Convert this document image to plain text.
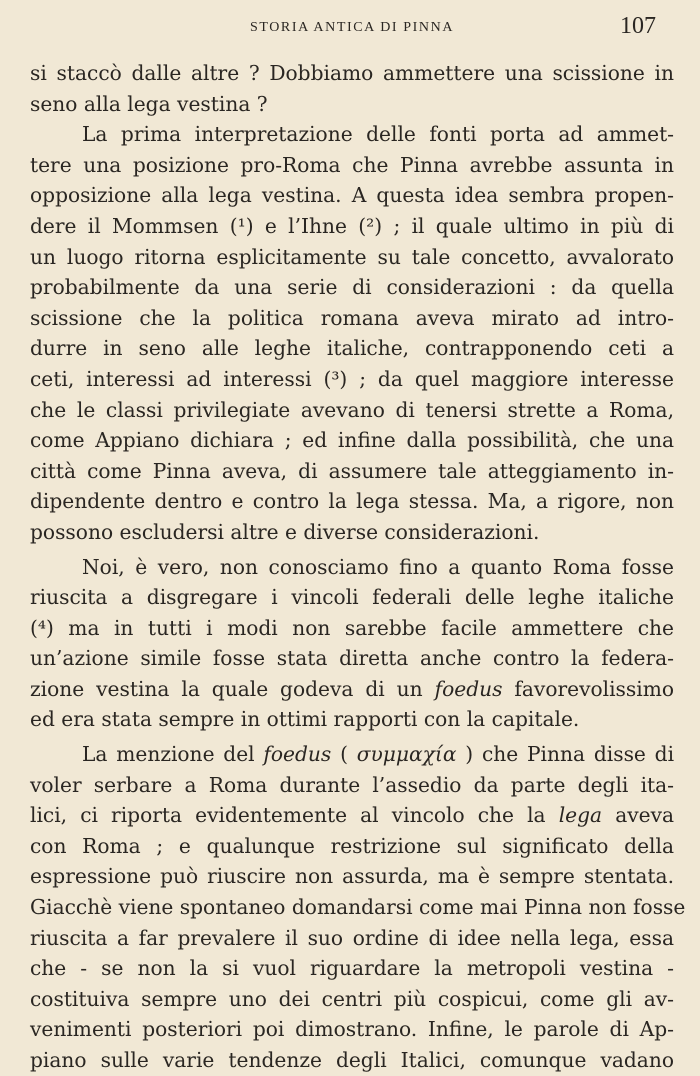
STORIA ANTICA DI PINNA	107
si staccò dalle altre ? Dobbiamo ammettere una scissione in
seno alla lega vestina ?
La prima interpretazione delle fonti porta ad ammet-
tere una posizione pro-Roma che Pinna avrebbe assunta in
opposizione alla lega vestina. A questa idea sembra propen-
dere il Mommsen (¹) e l’Ihne (²) ; il quale ultimo in più di
un luogo ritorna esplicitamente su tale concetto, avvalorato
probabilmente da una serie di considerazioni : da quella
scissione che la politica romana aveva mirato ad intro-
durre in seno alle leghe italiche, contrapponendo ceti a
ceti, interessi ad interessi (³) ; da quel maggiore interesse
che le classi privilegiate avevano di tenersi strette a Roma,
come Appiano dichiara ; ed infine dalla possibilità, che una
città come Pinna aveva, di assumere tale atteggiamento in-
dipendente dentro e contro la lega stessa. Ma, a rigore, non
possono escludersi altre e diverse considerazioni.
Noi, è vero, non conosciamo fino a quanto Roma fosse
riuscita a disgregare i vincoli federali delle leghe italiche
(⁴) ma in tutti i modi non sarebbe facile ammettere che
un’azione simile fosse stata diretta anche contro la federa-
zione vestina la quale godeva di un foedus favorevolissimo
ed era stata sempre in ottimi rapporti con la capitale.
La menzione del foedus ( συμμαχία ) che Pinna disse di
voler serbare a Roma durante l’assedio da parte degli ita-
lici, ci riporta evidentemente al vincolo che la lega aveva
con Roma ; e qualunque restrizione sul significato della
espressione può riuscire non assurda, ma è sempre stentata.
Giacchè viene spontaneo domandarsi come mai Pinna non fosse
riuscita a far prevalere il suo ordine di idee nella lega, essa
che - se non la si vuol riguardare la metropoli vestina -
costituiva sempre uno dei centri più cospicui, come gli av-
venimenti posteriori poi dimostrano. Infine, le parole di Ap-
piano sulle varie tendenze degli Italici, comunque vadano
